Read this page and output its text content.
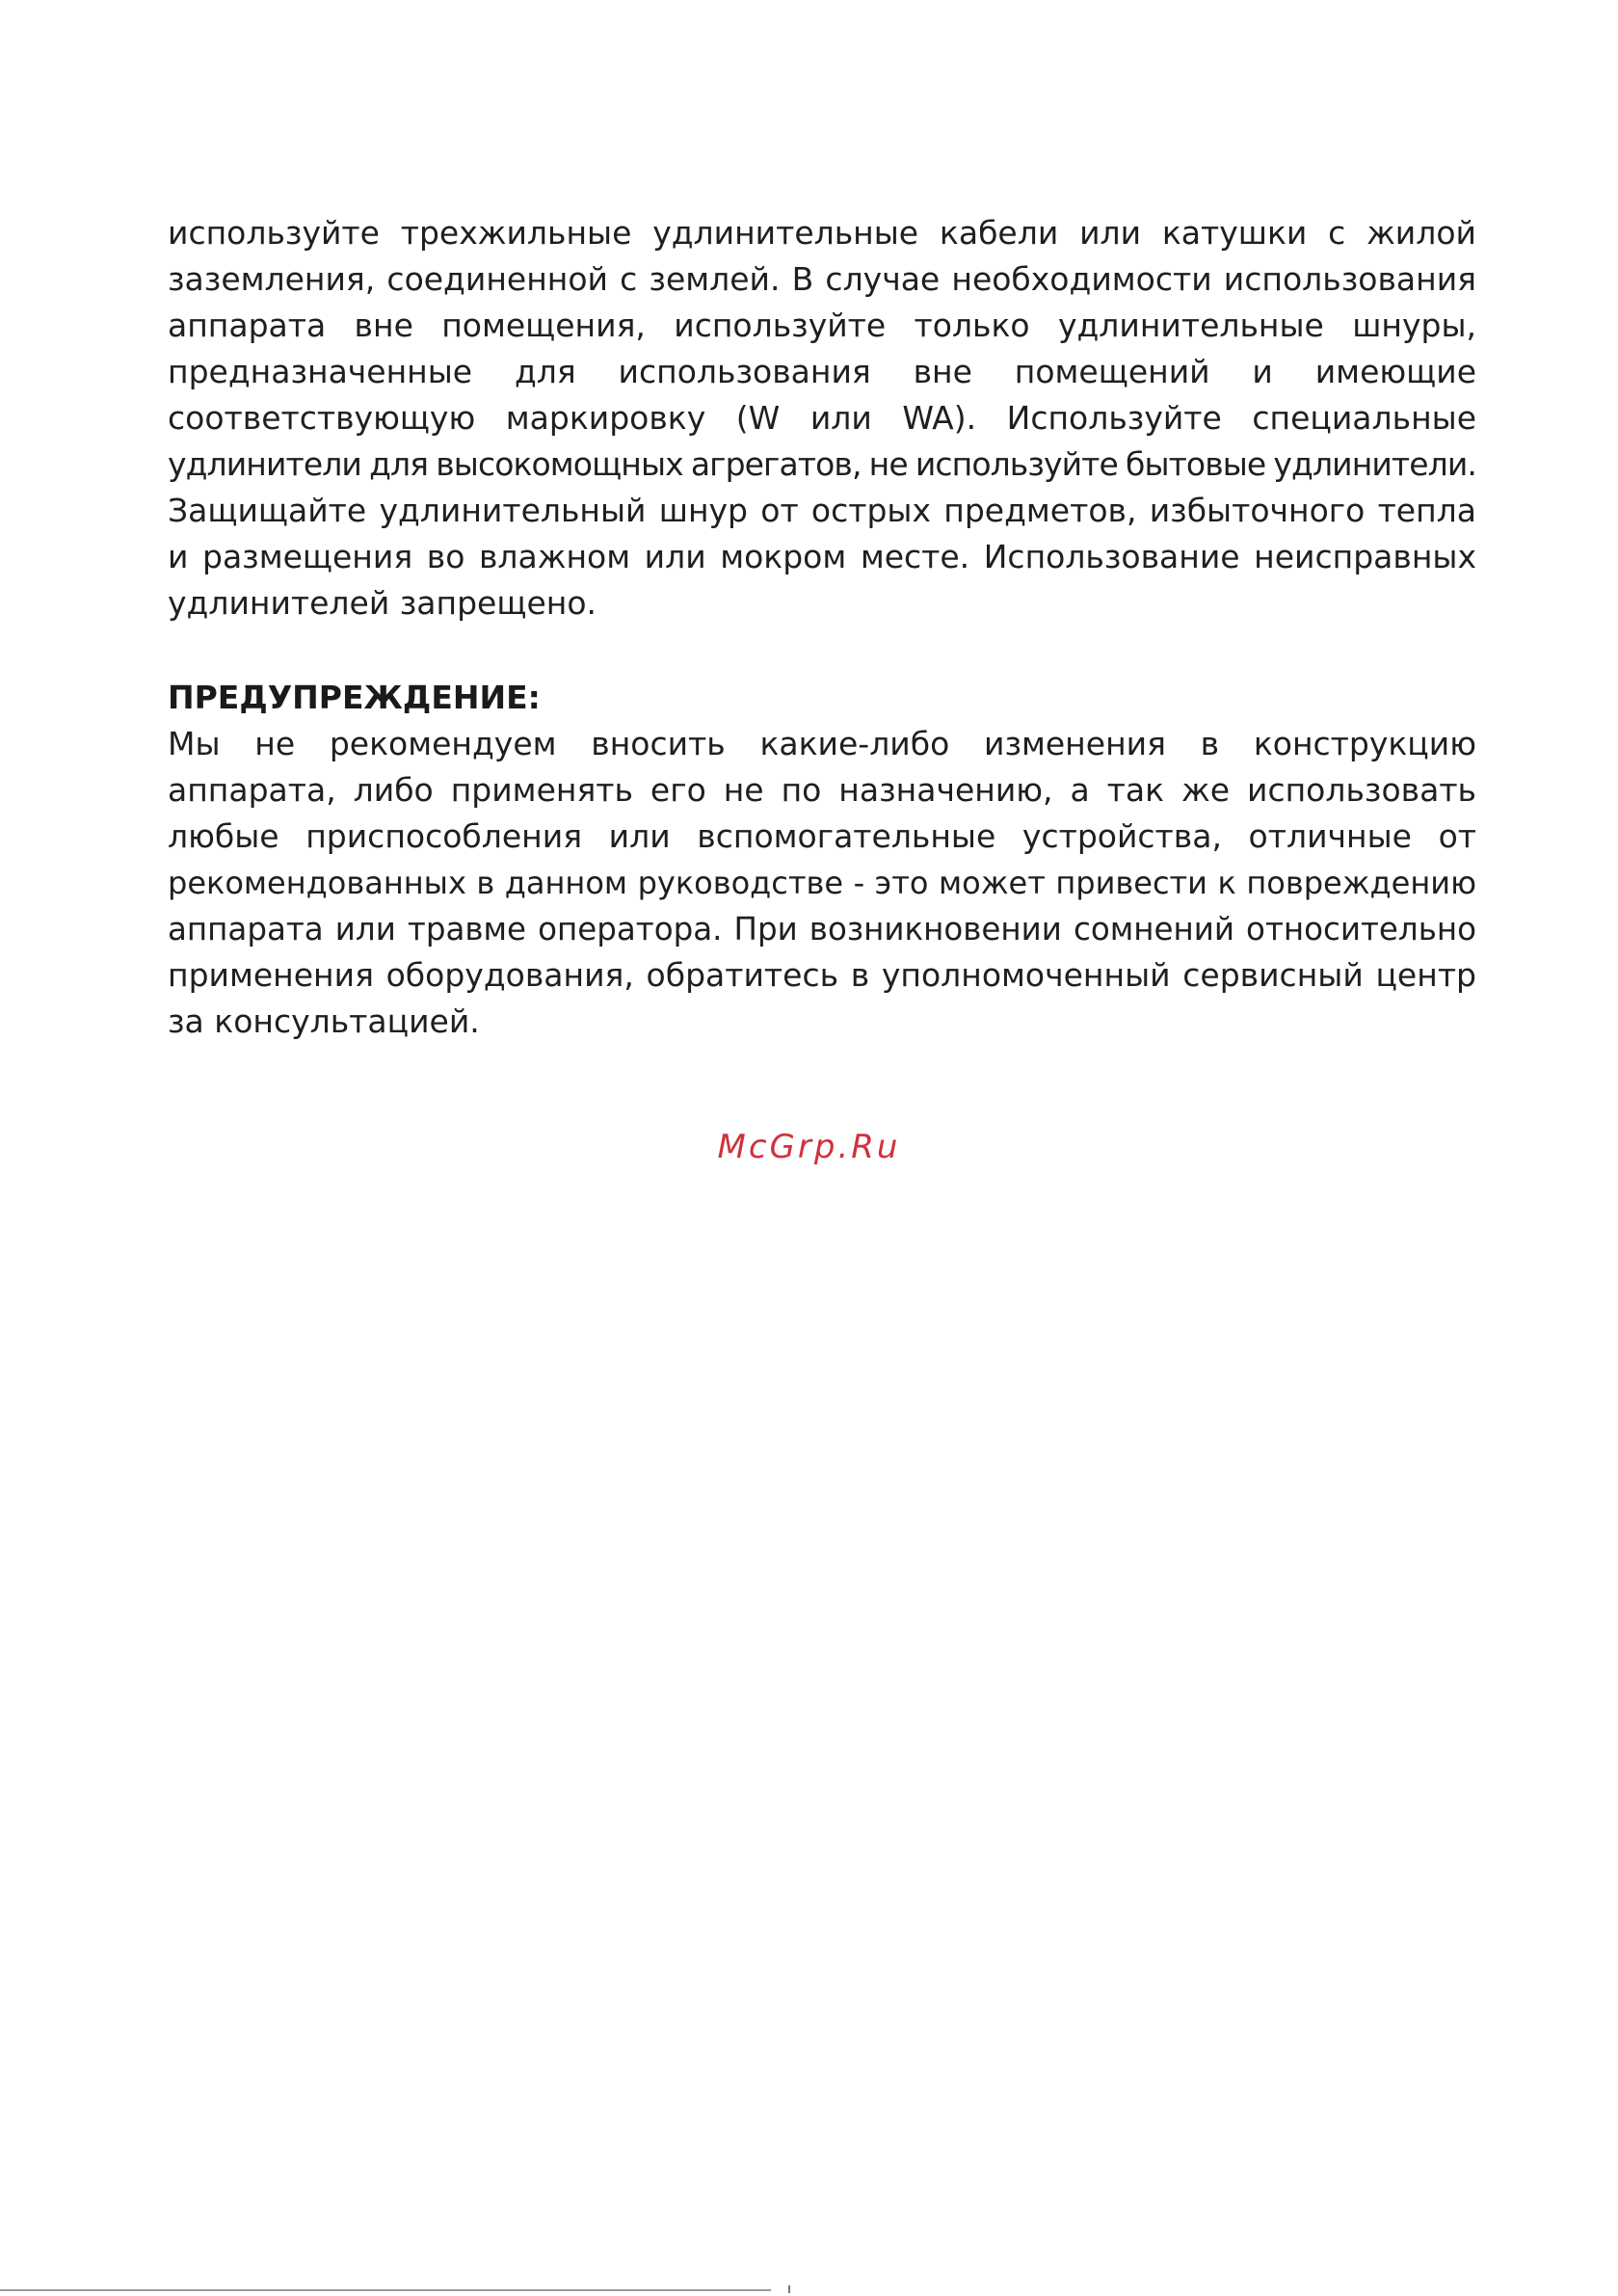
используйте трехжильные удлинительные кабели или катушки с жилой
заземления, соединенной с землей. В случае необходимости использования
аппарата вне помещения, используйте только удлинительные шнуры,
предназначенные для использования вне помещений и имеющие
соответствующую маркировку (W или WA). Используйте специальные
удлинители для высокомощных агрегатов, не используйте бытовые удлинители.
Защищайте удлинительный шнур от острых предметов, избыточного тепла
и размещения во влажном или мокром месте. Использование неисправных
удлинителей запрещено.
ПРЕДУПРЕЖДЕНИЕ:
Мы не рекомендуем вносить какие-либо изменения в конструкцию
аппарата, либо применять его не по назначению, а так же использовать
любые приспособления или вспомогательные устройства, отличные от
рекомендованных в данном руководстве - это может привести к повреждению
аппарата или травме оператора. При возникновении сомнений относительно
применения оборудования, обратитесь в уполномоченный сервисный центр
за консультацией.
McGrp.Ru
